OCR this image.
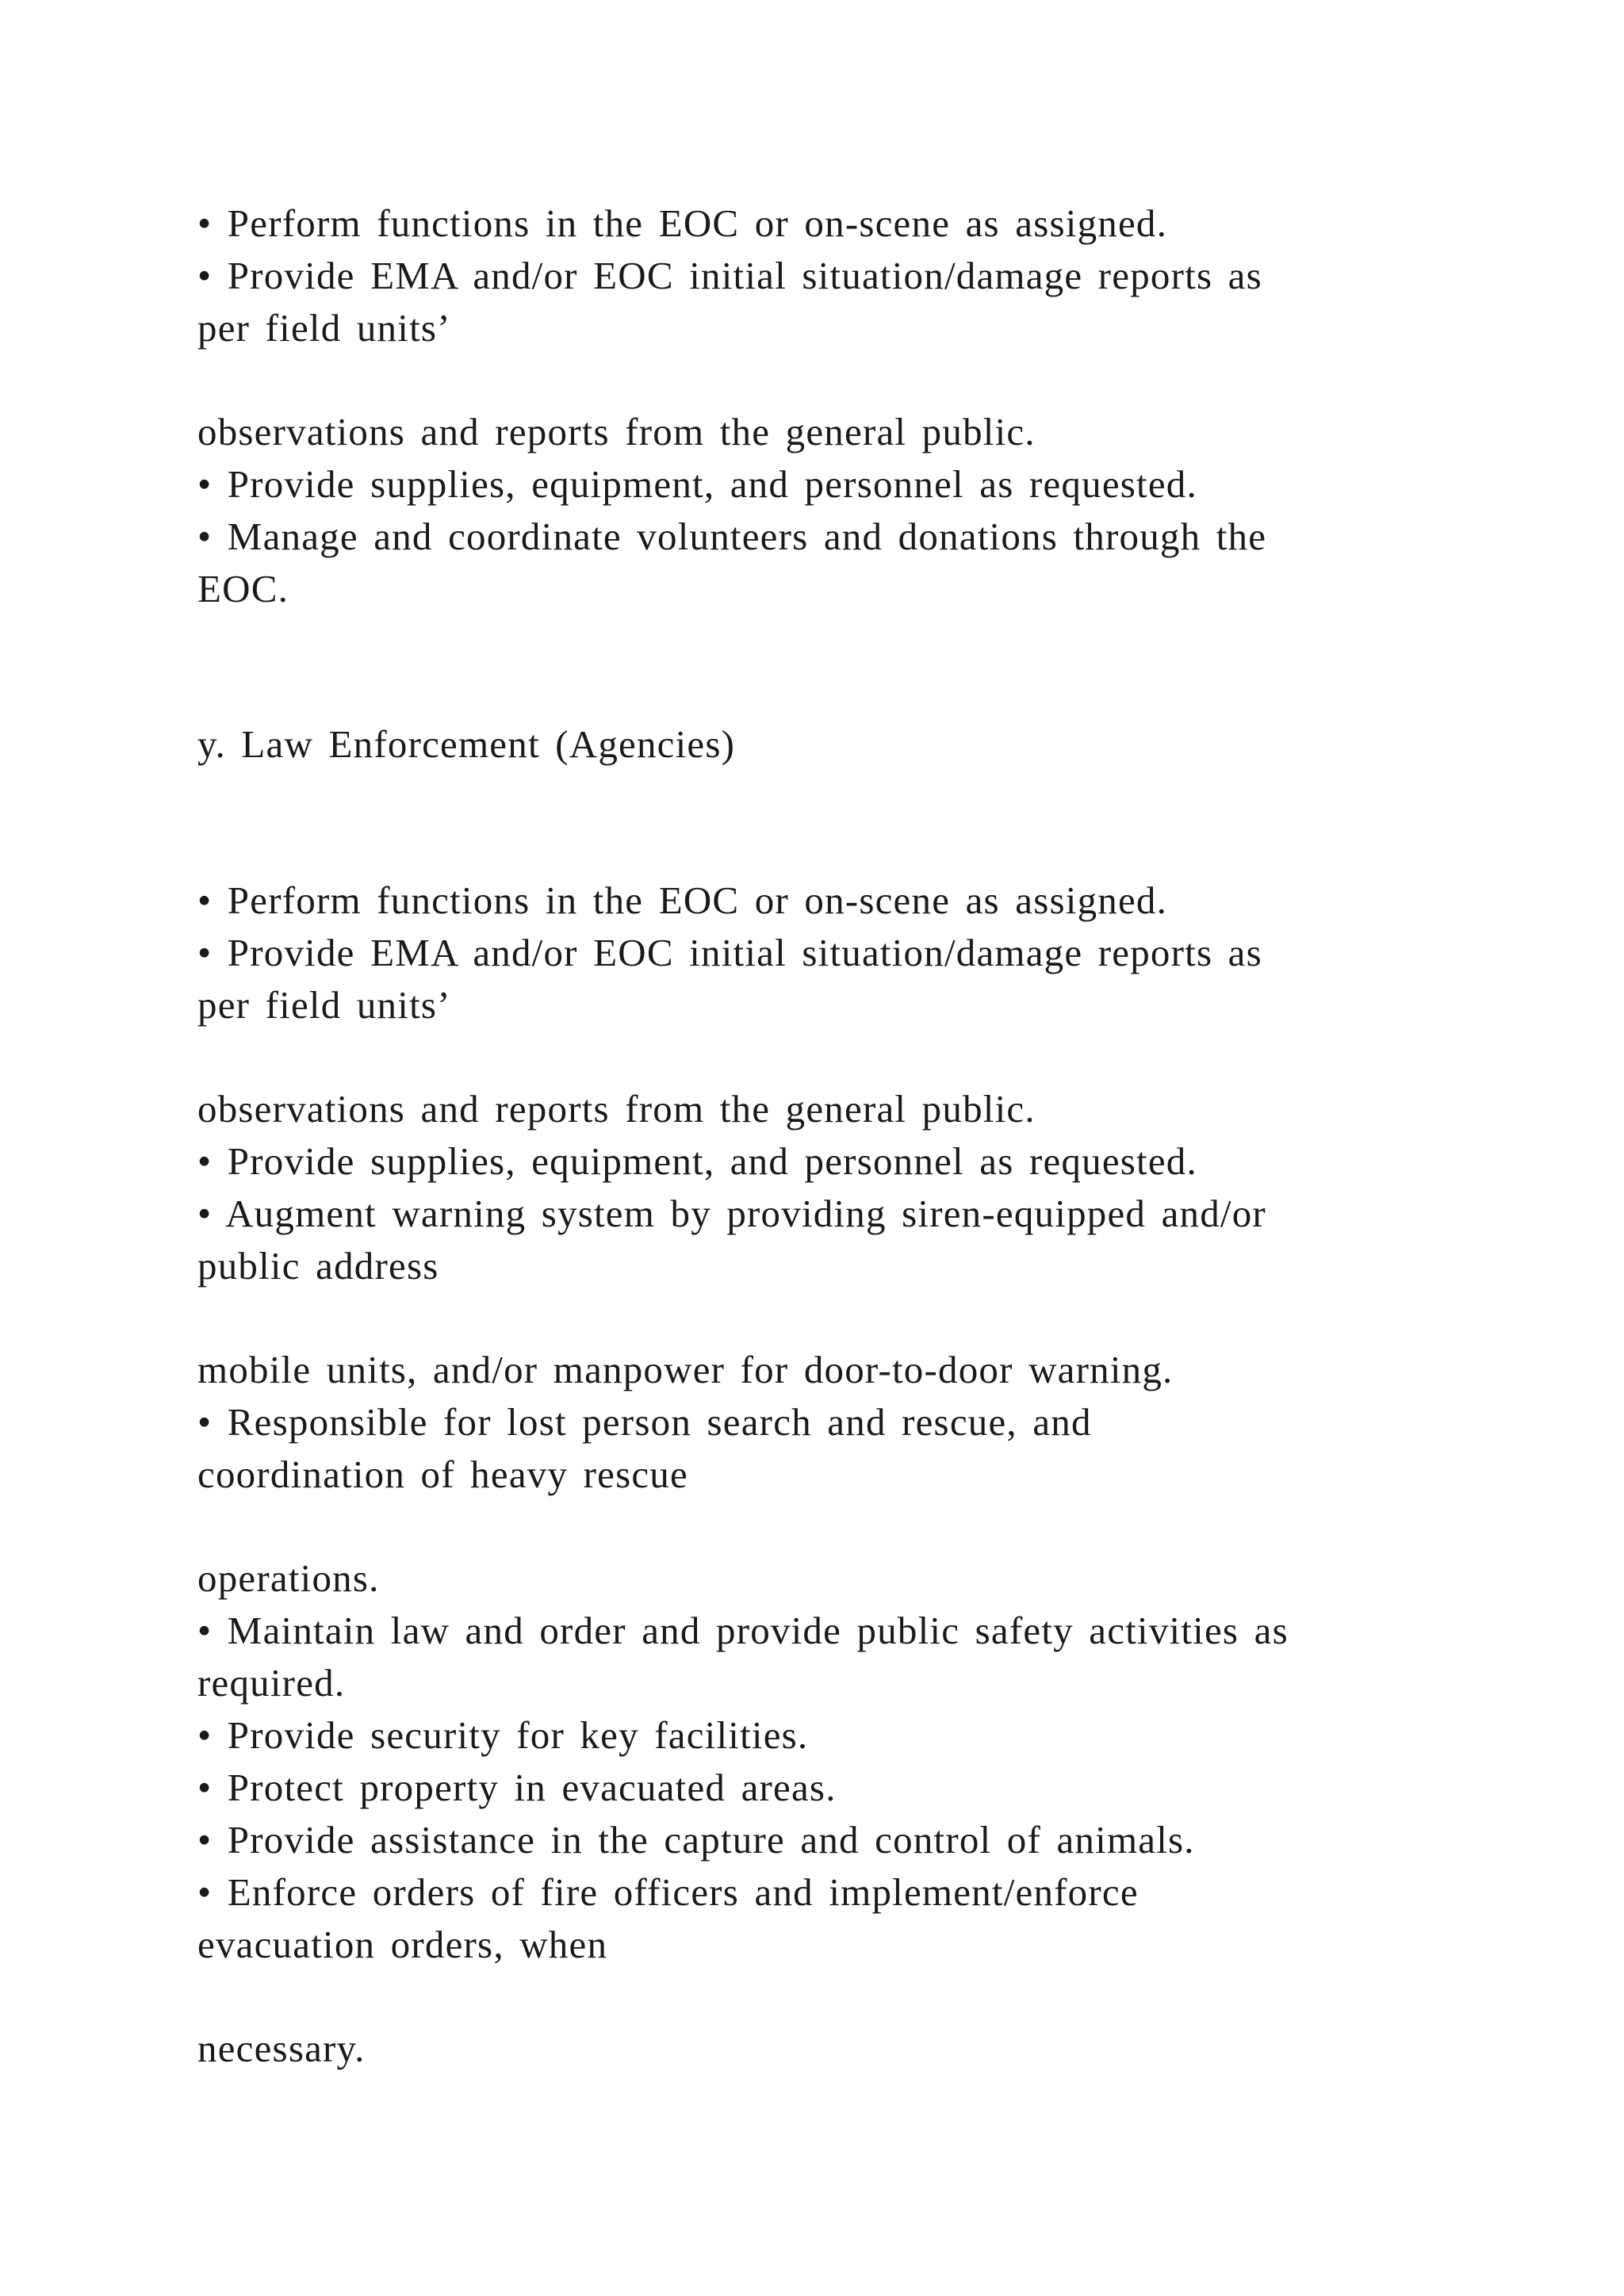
• Perform functions in the EOC or on-scene as assigned.
• Provide EMA and/or EOC initial situation/damage reports as
per field units’
observations and reports from the general public.
• Provide supplies, equipment, and personnel as requested.
• Manage and coordinate volunteers and donations through the
EOC.
y. Law Enforcement (Agencies)
• Perform functions in the EOC or on-scene as assigned.
• Provide EMA and/or EOC initial situation/damage reports as
per field units’
observations and reports from the general public.
• Provide supplies, equipment, and personnel as requested.
• Augment warning system by providing siren-equipped and/or
public address
mobile units, and/or manpower for door-to-door warning.
• Responsible for lost person search and rescue, and
coordination of heavy rescue
operations.
• Maintain law and order and provide public safety activities as
required.
• Provide security for key facilities.
• Protect property in evacuated areas.
• Provide assistance in the capture and control of animals.
• Enforce orders of fire officers and implement/enforce
evacuation orders, when
necessary.
